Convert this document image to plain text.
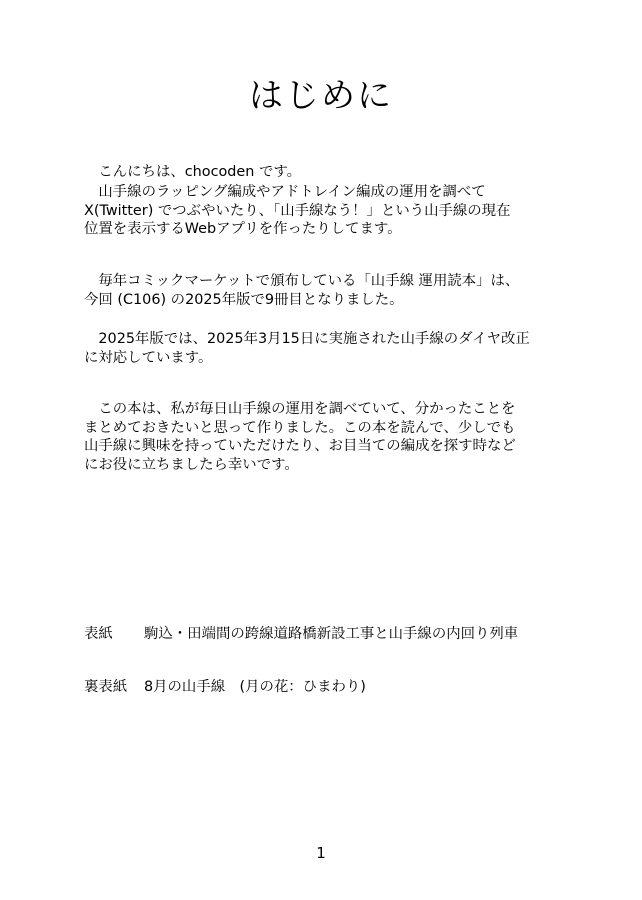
はじめに

　こんにちは、chocoden です。

　山手線のラッピング編成やアドトレイン編成の運用を調べて
X(Twitter) でつぶやいたり、「山手線なう！」という山手線の現在
位置を表示するWebアプリを作ったりしてます。

　毎年コミックマーケットで頒布している「山手線 運用読本」は、
今回 (C106) の2025年版で9冊目となりました。

　2025年版では、2025年3月15日に実施された山手線のダイヤ改正
に対応しています。

　この本は、私が毎日山手線の運用を調べていて、分かったことを
まとめておきたいと思って作りました。この本を読んで、少しでも
山手線に興味を持っていただけたり、お目当ての編成を探す時など
にお役に立ちましたら幸いです。

表紙 駒込・田端間の跨線道路橋新設工事と山手線の内回り列車
裏表紙 8月の山手線　(月の花：ひまわり)
1
